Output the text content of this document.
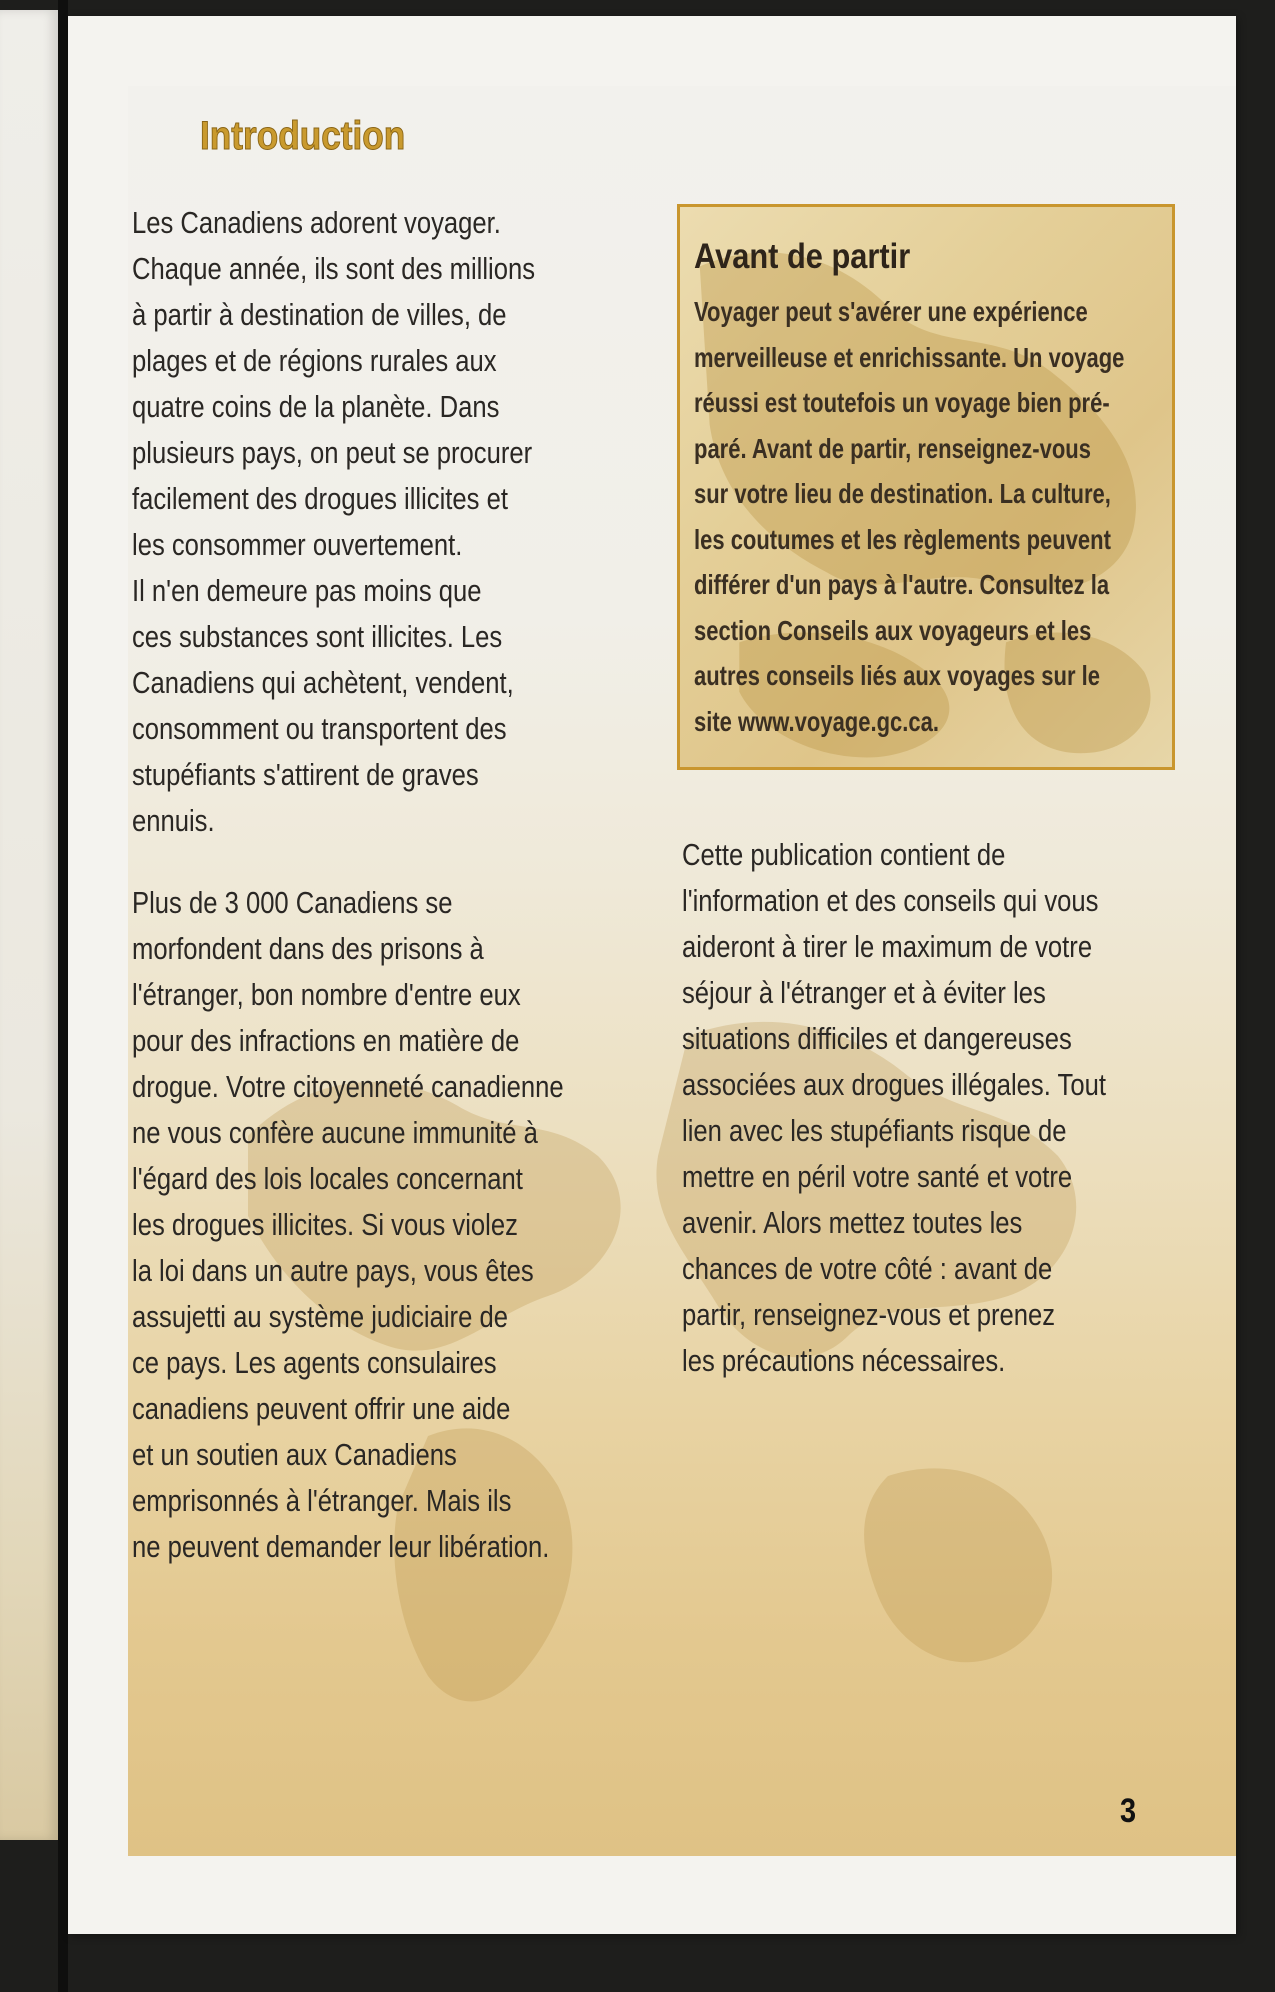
Introduction

Les Canadiens adorent voyager.
Chaque année, ils sont des millions
à partir à destination de villes, de
plages et de régions rurales aux
quatre coins de la planète. Dans
plusieurs pays, on peut se procurer
facilement des drogues illicites et
les consommer ouvertement.
Il n'en demeure pas moins que
ces substances sont illicites. Les
Canadiens qui achètent, vendent,
consomment ou transportent des
stupéfiants s'attirent de graves
ennuis.

Plus de 3 000 Canadiens se
morfondent dans des prisons à
l'étranger, bon nombre d'entre eux
pour des infractions en matière de
drogue. Votre citoyenneté canadienne
ne vous confère aucune immunité à
l'égard des lois locales concernant
les drogues illicites. Si vous violez
la loi dans un autre pays, vous êtes
assujetti au système judiciaire de
ce pays. Les agents consulaires
canadiens peuvent offrir une aide
et un soutien aux Canadiens
emprisonnés à l'étranger. Mais ils
ne peuvent demander leur libération.

Avant de partir

Voyager peut s'avérer une expérience
merveilleuse et enrichissante. Un voyage
réussi est toutefois un voyage bien pré-
paré. Avant de partir, renseignez-vous
sur votre lieu de destination. La culture,
les coutumes et les règlements peuvent
différer d'un pays à l'autre. Consultez la
section Conseils aux voyageurs et les
autres conseils liés aux voyages sur le
site www.voyage.gc.ca.

Cette publication contient de
l'information et des conseils qui vous
aideront à tirer le maximum de votre
séjour à l'étranger et à éviter les
situations difficiles et dangereuses
associées aux drogues illégales. Tout
lien avec les stupéfiants risque de
mettre en péril votre santé et votre
avenir. Alors mettez toutes les
chances de votre côté : avant de
partir, renseignez-vous et prenez
les précautions nécessaires.

3
